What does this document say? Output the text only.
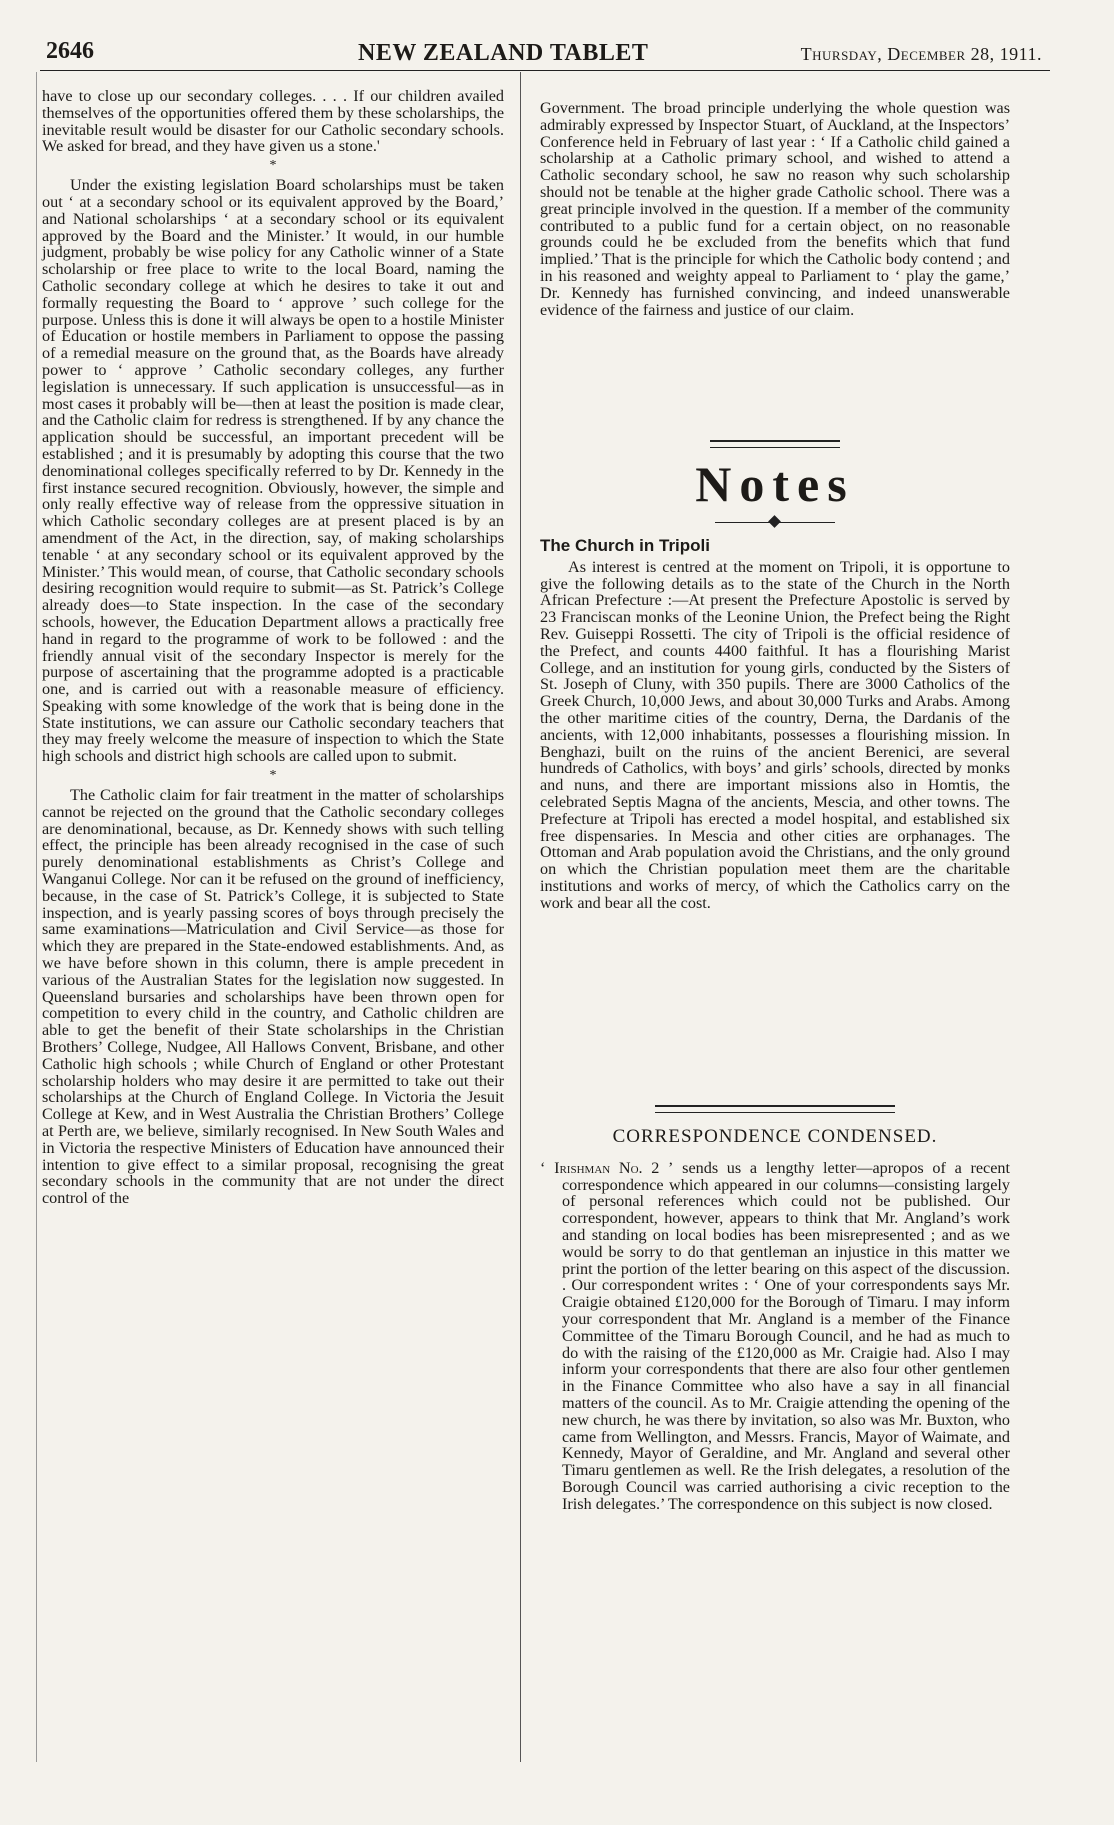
2646	NEW ZEALAND TABLET	Thursday, December 28, 1911.

have to close up our secondary colleges. . . . If our children availed themselves of the opportunities offered them by these scholarships, the inevitable result would be disaster for our Catholic secondary schools. We asked for bread, and they have given us a stone.'

*

Under the existing legislation Board scholarships must be taken out ‘ at a secondary school or its equivalent approved by the Board,’ and National scholarships ‘ at a secondary school or its equivalent approved by the Board and the Minister.’ It would, in our humble judgment, probably be wise policy for any Catholic winner of a State scholarship or free place to write to the local Board, naming the Catholic secondary college at which he desires to take it out and formally requesting the Board to ‘ approve ’ such college for the purpose. Unless this is done it will always be open to a hostile Minister of Education or hostile members in Parliament to oppose the passing of a remedial measure on the ground that, as the Boards have already power to ‘ approve ’ Catholic secondary colleges, any further legislation is unnecessary. If such application is unsuccessful—as in most cases it probably will be—then at least the position is made clear, and the Catholic claim for redress is strengthened. If by any chance the application should be successful, an important precedent will be established ; and it is presumably by adopting this course that the two denominational colleges specifically referred to by Dr. Kennedy in the first instance secured recognition. Obviously, however, the simple and only really effective way of release from the oppressive situation in which Catholic secondary colleges are at present placed is by an amendment of the Act, in the direction, say, of making scholarships tenable ‘ at any secondary school or its equivalent approved by the Minister.’ This would mean, of course, that Catholic secondary schools desiring recognition would require to submit—as St. Patrick’s College already does—to State inspection. In the case of the secondary schools, however, the Education Department allows a practically free hand in regard to the programme of work to be followed : and the friendly annual visit of the secondary Inspector is merely for the purpose of ascertaining that the programme adopted is a practicable one, and is carried out with a reasonable measure of efficiency. Speaking with some knowledge of the work that is being done in the State institutions, we can assure our Catholic secondary teachers that they may freely welcome the measure of inspection to which the State high schools and district high schools are called upon to submit.

*

The Catholic claim for fair treatment in the matter of scholarships cannot be rejected on the ground that the Catholic secondary colleges are denominational, because, as Dr. Kennedy shows with such telling effect, the principle has been already recognised in the case of such purely denominational establishments as Christ’s College and Wanganui College. Nor can it be refused on the ground of inefficiency, because, in the case of St. Patrick’s College, it is subjected to State inspection, and is yearly passing scores of boys through precisely the same examinations—Matriculation and Civil Service—as those for which they are prepared in the State-endowed establishments. And, as we have before shown in this column, there is ample precedent in various of the Australian States for the legislation now suggested. In Queensland bursaries and scholarships have been thrown open for competition to every child in the country, and Catholic children are able to get the benefit of their State scholarships in the Christian Brothers’ College, Nudgee, All Hallows Convent, Brisbane, and other Catholic high schools ; while Church of England or other Protestant scholarship holders who may desire it are permitted to take out their scholarships at the Church of England College. In Victoria the Jesuit College at Kew, and in West Australia the Christian Brothers’ College at Perth are, we believe, similarly recognised. In New South Wales and in Victoria the respective Ministers of Education have announced their intention to give effect to a similar proposal, recognising the great secondary schools in the community that are not under the direct control of the

Government. The broad principle underlying the whole question was admirably expressed by Inspector Stuart, of Auckland, at the Inspectors’ Conference held in February of last year : ‘ If a Catholic child gained a scholarship at a Catholic primary school, and wished to attend a Catholic secondary school, he saw no reason why such scholarship should not be tenable at the higher grade Catholic school. There was a great principle involved in the question. If a member of the community contributed to a public fund for a certain object, on no reasonable grounds could he be excluded from the benefits which that fund implied.’ That is the principle for which the Catholic body contend ; and in his reasoned and weighty appeal to Parliament to ‘ play the game,’ Dr. Kennedy has furnished convincing, and indeed unanswerable evidence of the fairness and justice of our claim.

Notes
The Church in Tripoli

As interest is centred at the moment on Tripoli, it is opportune to give the following details as to the state of the Church in the North African Prefecture :—At present the Prefecture Apostolic is served by 23 Franciscan monks of the Leonine Union, the Prefect being the Right Rev. Guiseppi Rossetti. The city of Tripoli is the official residence of the Prefect, and counts 4400 faithful. It has a flourishing Marist College, and an institution for young girls, conducted by the Sisters of St. Joseph of Cluny, with 350 pupils. There are 3000 Catholics of the Greek Church, 10,000 Jews, and about 30,000 Turks and Arabs. Among the other maritime cities of the country, Derna, the Dardanis of the ancients, with 12,000 inhabitants, possesses a flourishing mission. In Benghazi, built on the ruins of the ancient Berenici, are several hundreds of Catholics, with boys’ and girls’ schools, directed by monks and nuns, and there are important missions also in Homtis, the celebrated Septis Magna of the ancients, Mescia, and other towns. The Prefecture at Tripoli has erected a model hospital, and established six free dispensaries. In Mescia and other cities are orphanages. The Ottoman and Arab population avoid the Christians, and the only ground on which the Christian population meet them are the charitable institutions and works of mercy, of which the Catholics carry on the work and bear all the cost.

CORRESPONDENCE CONDENSED.

‘ Irishman No. 2 ’ sends us a lengthy letter—apropos of a recent correspondence which appeared in our columns—consisting largely of personal references which could not be published. Our correspondent, however, appears to think that Mr. Angland’s work and standing on local bodies has been misrepresented ; and as we would be sorry to do that gentleman an injustice in this matter we print the portion of the letter bearing on this aspect of the discussion. . Our correspondent writes : ‘ One of your correspondents says Mr. Craigie obtained £120,000 for the Borough of Timaru. I may inform your correspondent that Mr. Angland is a member of the Finance Committee of the Timaru Borough Council, and he had as much to do with the raising of the £120,000 as Mr. Craigie had. Also I may inform your correspondents that there are also four other gentlemen in the Finance Committee who also have a say in all financial matters of the council. As to Mr. Craigie attending the opening of the new church, he was there by invitation, so also was Mr. Buxton, who came from Wellington, and Messrs. Francis, Mayor of Waimate, and Kennedy, Mayor of Geraldine, and Mr. Angland and several other Timaru gentlemen as well. Re the Irish delegates, a resolution of the Borough Council was carried authorising a civic reception to the Irish delegates.’ The correspondence on this subject is now closed.
